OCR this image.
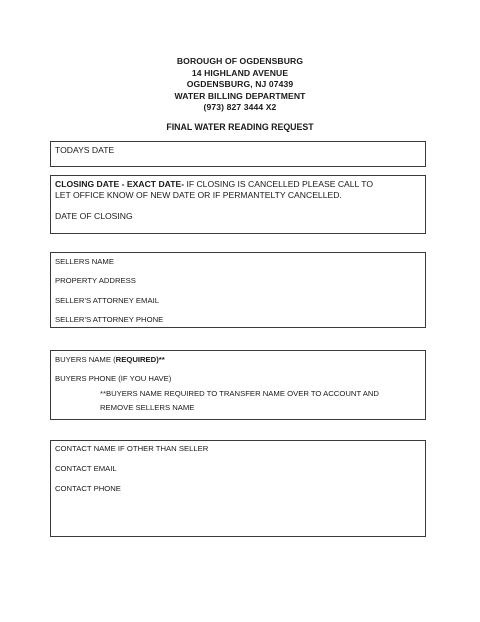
BOROUGH OF OGDENSBURG
14 HIGHLAND AVENUE
OGDENSBURG, NJ 07439
WATER BILLING DEPARTMENT
(973) 827 3444 X2
FINAL WATER READING REQUEST
TODAYS DATE
CLOSING DATE - EXACT DATE- IF CLOSING IS CANCELLED PLEASE CALL TO
LET OFFICE KNOW OF NEW DATE OR IF PERMANTELTY CANCELLED.
DATE OF CLOSING
SELLERS NAME
PROPERTY ADDRESS
SELLER'S ATTORNEY EMAIL
SELLER'S ATTORNEY PHONE
BUYERS NAME (REQUIRED)**
BUYERS PHONE (IF YOU HAVE)
**BUYERS NAME REQUIRED TO TRANSFER NAME OVER TO ACCOUNT AND
REMOVE SELLERS NAME
CONTACT NAME IF OTHER THAN SELLER
CONTACT EMAIL
CONTACT PHONE
